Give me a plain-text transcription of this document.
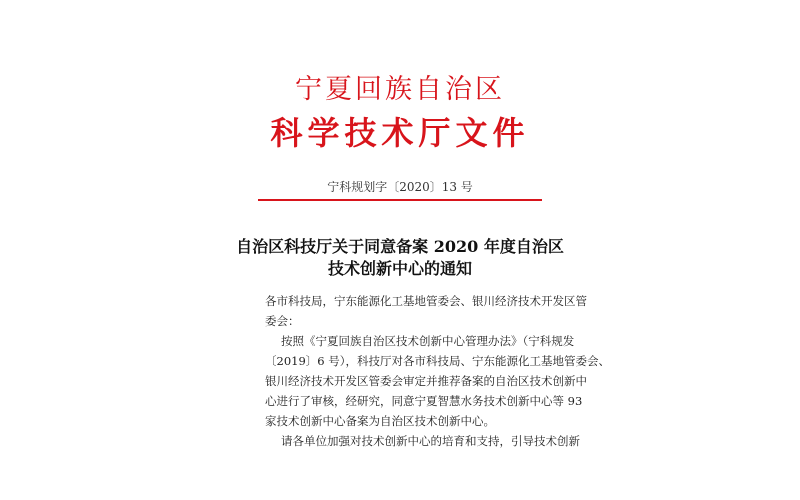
宁夏回族自治区
科学技术厅文件
宁科规划字〔2020〕13 号
自治区科技厅关于同意备案 2020 年度自治区
技术创新中心的通知
各市科技局，宁东能源化工基地管委会、银川经济技术开发区管
委会：
按照《宁夏回族自治区技术创新中心管理办法》（宁科规发
〔2019〕6 号），科技厅对各市科技局、宁东能源化工基地管委会、
银川经济技术开发区管委会审定并推荐备案的自治区技术创新中
心进行了审核，经研究，同意宁夏智慧水务技术创新中心等 93
家技术创新中心备案为自治区技术创新中心。
请各单位加强对技术创新中心的培育和支持，引导技术创新
